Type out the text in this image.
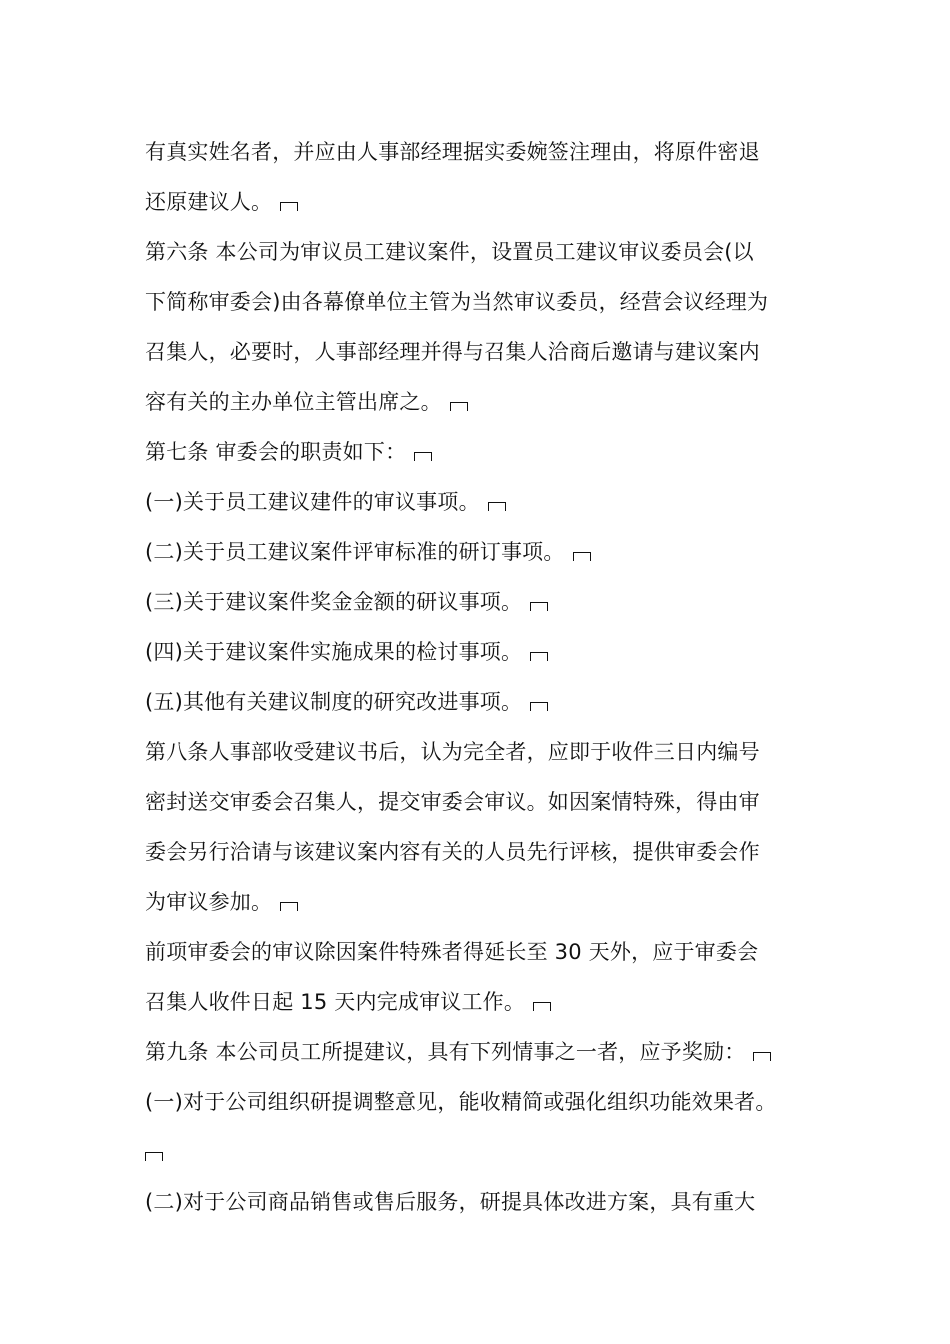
有真实姓名者，并应由人事部经理据实委婉签注理由，将原件密退
还原建议人。
第六条 本公司为审议员工建议案件，设置员工建议审议委员会(以
下简称审委会)由各幕僚单位主管为当然审议委员，经营会议经理为
召集人，必要时，人事部经理并得与召集人洽商后邀请与建议案内
容有关的主办单位主管出席之。
第七条 审委会的职责如下：
(一)关于员工建议建件的审议事项。
(二)关于员工建议案件评审标准的研订事项。
(三)关于建议案件奖金金额的研议事项。
(四)关于建议案件实施成果的检讨事项。
(五)其他有关建议制度的研究改进事项。
第八条人事部收受建议书后，认为完全者，应即于收件三日内编号
密封送交审委会召集人，提交审委会审议。如因案情特殊，得由审
委会另行洽请与该建议案内容有关的人员先行评核，提供审委会作
为审议参加。
前项审委会的审议除因案件特殊者得延长至 30 天外，应于审委会
召集人收件日起 15 天内完成审议工作。
第九条 本公司员工所提建议，具有下列情事之一者，应予奖励：
(一)对于公司组织研提调整意见，能收精简或强化组织功能效果者。
(二)对于公司商品销售或售后服务，研提具体改进方案，具有重大
